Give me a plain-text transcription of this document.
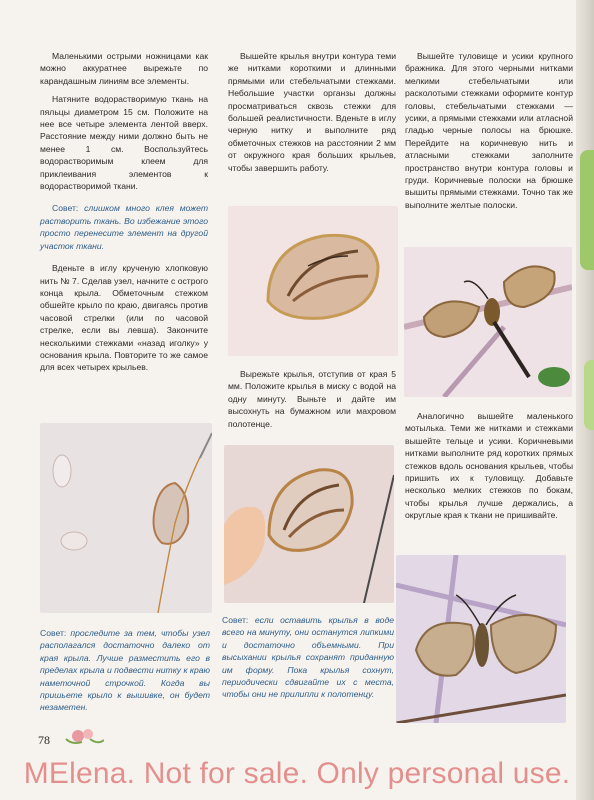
Маленькими острыми ножницами как можно аккуратнее вырежьте по карандашным линиям все элементы.

Натяните водорастворимую ткань на пяльцы диаметром 15 см. Положите на нее все четыре элемента лентой вверх. Расстояние между ними должно быть не менее 1 см. Воспользуйтесь водорастворимым клеем для приклеивания элементов к водорастворимой ткани.

Совет: слишком много клея может растворить ткань. Во избежание этого просто перенесите элемент на другой участок ткани.

Вденьте в иглу крученую хлопковую нить № 7. Сделав узел, начните с острого конца крыла. Обметочным стежком обшейте крыло по краю, двигаясь против часовой стрелки (или по часовой стрелке, если вы левша). Закончите несколькими стежками «назад иголку» у основания крыла. Повторите то же самое для всех четырех крыльев.

Совет: проследите за тем, чтобы узел располагался достаточно далеко от края крыла. Лучше разместить его в пределах крыла и подвести нитку к краю наметочной строчкой. Когда вы пришьете крыло к вышивке, он будет незаметен.

Вышейте крылья внутри контура теми же нитками короткими и длинными прямыми или стебельчатыми стежками. Небольшие участки органзы должны просматриваться сквозь стежки для большей реалистичности. Вденьте в иглу черную нитку и выполните ряд обметочных стежков на расстоянии 2 мм от окружного края больших крыльев, чтобы завершить работу.

Вырежьте крылья, отступив от края 5 мм. Положите крылья в миску с водой на одну минуту. Выньте и дайте им высохнуть на бумажном или махровом полотенце.

Совет: если оставить крылья в воде всего на минуту, они останутся липкими и достаточно объемными. При высыхании крылья сохранят приданную им форму. Пока крылья сохнут, периодически сдвигайте их с места, чтобы они не прилипли к полотенцу.

Вышейте туловище и усики крупного бражника. Для этого черными нитками мелкими стебельчатыми или расколотыми стежками оформите контур головы, стебельчатыми стежками — усики, а прямыми стежками или атласной гладью черные полосы на брюшке. Перейдите на коричневую нить и атласными стежками заполните пространство внутри контура головы и груди. Коричневые полоски на брюшке вышиты прямыми стежками. Точно так же выполните желтые полоски.

Аналогично вышейте маленького мотылька. Теми же нитками и стежками вышейте тельце и усики. Коричневыми нитками выполните ряд коротких прямых стежков вдоль основания крыльев, чтобы пришить их к туловищу. Добавьте несколько мелких стежков по бокам, чтобы крылья лучше держались, а округлые края к ткани не пришивайте.

78
MElena. Not for sale. Only personal use.
